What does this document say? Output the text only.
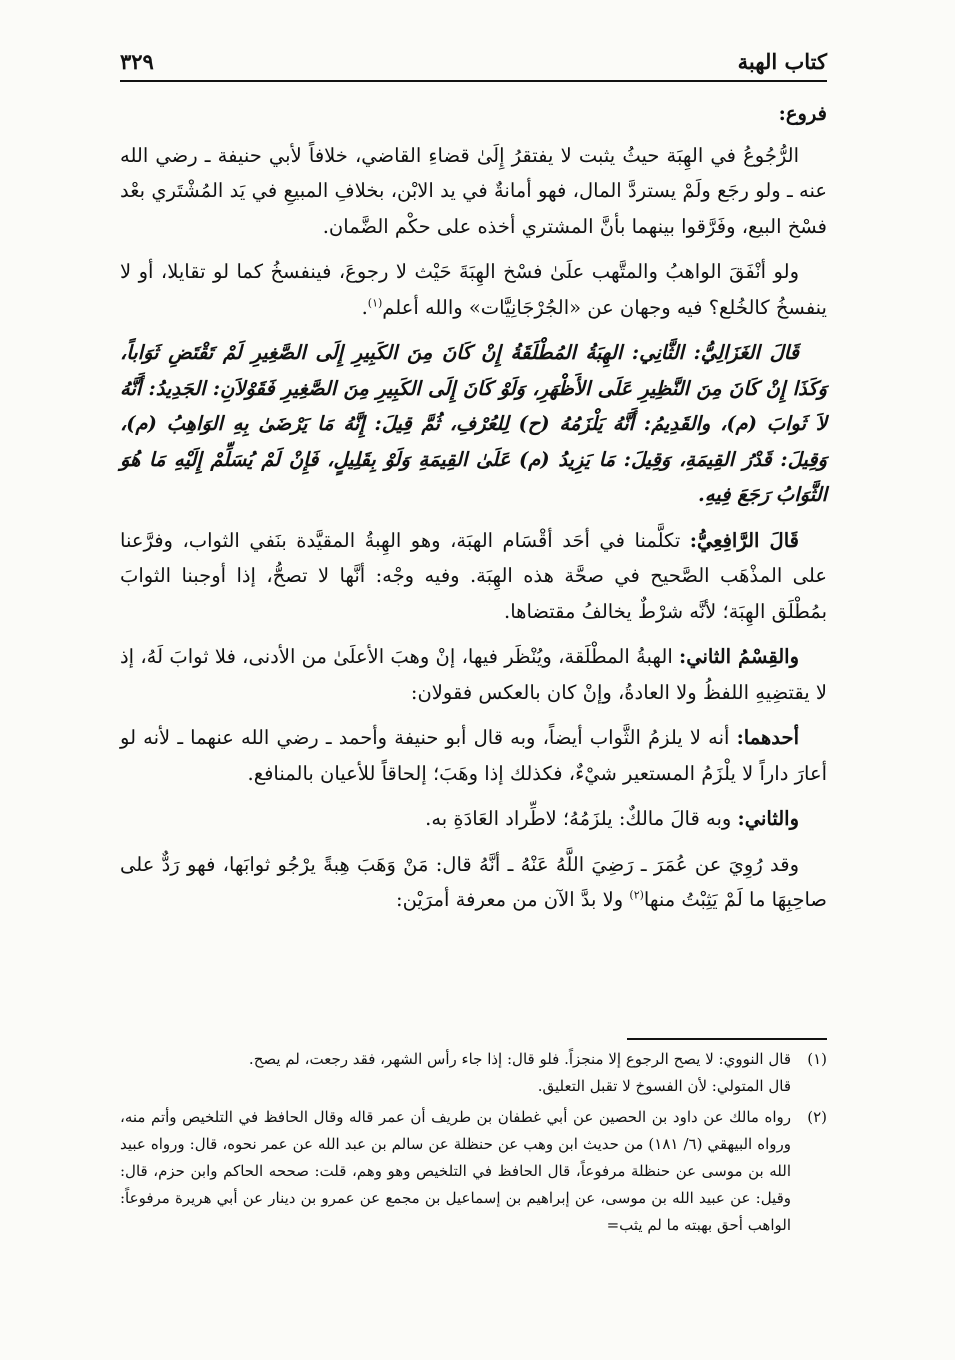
كتاب الهبة
٣٢٩

فروع:

الرُّجُوعُ في الهِبَة حيثُ يثبت لا يفتقرُ إِلَىٰ قضاءِ القاضي، خلافاً لأبي حنيفة ـ رضي الله عنه ـ ولو رجَع ولَمْ يستردَّ المال، فهو أمانةٌ في يد الابْن، بخلافِ المبيعِ في يَد المُشْتَري بعْد فسْخ البيع، وفَرَّقوا بينهما بأنَّ المشتري أخذه على حكْم الضَّمان.

ولو أنْفَقَ الواهبُ والمتَّهب علَىٰ فسْخ الهِبَةَ حَيْث لا رجوعَ، فينفسخُ كما لو تقايلا، أو لا ينفسخُ كالخُلع؟ فيه وجهان عن «الجُرْجَانِيَّات» والله أعلم$^{(١)}$.

قَالَ الغَزَالِيُّ: الثَّانِي: الهِبَةُ المُطْلَقَةُ إِنْ كَانَ مِنَ الكَبِيرِ إِلَى الصَّغِيرِ لَمْ تَقْتَضِ ثَوَاباً، وَكَذَا إِنْ كَانَ مِنَ النَّظِيرِ عَلَى الأَظْهَرِ، وَلَوْ كَانَ إِلَى الكَبِيرِ مِنَ الصَّغِيرِ فَقَوْلاَنِ: الجَدِيدُ: أَنَّهُ لاَ ثَوابَ (م)، والقَدِيمُ: أَنَّهُ يَلْزَمُهُ (ح) لِلعُرْفِ، ثُمَّ قِيلَ: إِنَّهُ مَا يَرْضَىٰ بِهِ الوَاهِبُ (م)، وَقِيلَ: قَدْرُ القِيمَةِ، وَقِيلَ: مَا يَزِيدُ (م) عَلَىٰ القِيمَةِ وَلَوْ بِقَلِيلٍ، فَإِنْ لَمْ يُسَلِّمْ إِلَيْهِ مَا هُوَ الثَّوَابُ رَجَعَ فِيهِ.

قَالَ الرَّافِعِيُّ: تكلَّمنا في أحَد أقْسَام الهبَة، وهو الهِبةُ المقيَّدة بنَفي الثواب، وفرَّعنا على المذْهَب الصَّحيح في صحَّة هذه الهِبَة. وفيه وجْه: أنَّها لا تصحُّ، إذا أوجبنا الثوابَ بمُطْلَق الهِبَة؛ لأنَّه شرْطٌ يخالفُ مقتضاها.

والقِسْمُ الثاني: الهبةُ المطْلَقة، ويُنْظَر فيها، إنْ وهبَ الأعلَىٰ من الأدنى، فلا ثوابَ لَهُ، إذ لا يقتضِيهِ اللفظُ ولا العادةُ، وإنْ كان بالعكس فقولان:

أحدهما: أنه لا يلزمُ الثَّواب أيضاً، وبه قال أبو حنيفة وأحمد ـ رضي الله عنهما ـ لأنه لو أعارَ داراً لا يلْزَمُ المستعير شيْءٌ، فكذلك إذا وهَبَ؛ إلحاقاً للأعيان بالمنافع.

والثاني: وبه قالَ مالكٌ: يلزَمُهُ؛ لاطِّراد العَادَةِ به.

وقد رُوِيَ عن عُمَرَ ـ رَضِيَ اللَّهُ عَنْهُ ـ أنَّهُ قال: مَنْ وَهَبَ هِبةً يرْجُو ثوابَها، فهو رَدٌّ على صاحِبِهَا ما لَمْ يَثِبْتُ منها$^{(٢)}$ ولا بدَّ الآن من معرفة أمرَيْن:

(١)
قال النووي: لا يصح الرجوع إلا منجزاً. فلو قال: إذا جاء رأس الشهر، فقد رجعت، لم يصح.
قال المتولي: لأن الفسوخ لا تقبل التعليق.
(٢)
رواه مالك عن داود بن الحصين عن أبي غطفان بن طريف أن عمر قاله وقال الحافظ في التلخيص وأتم منه، ورواه البيهقي (٦/ ١٨١) من حديث ابن وهب عن حنظلة عن سالم بن عبد الله عن عمر نحوه، قال: ورواه عبيد الله بن موسى عن حنظلة مرفوعاً، قال الحافظ في التلخيص وهو وهم، قلت: صححه الحاكم وابن حزم، قال: وقيل: عن عبيد الله بن موسى، عن إبراهيم بن إسماعيل بن مجمع عن عمرو بن دينار عن أبي هريرة مرفوعاً: الواهب أحق بهبته ما لم يثب=
